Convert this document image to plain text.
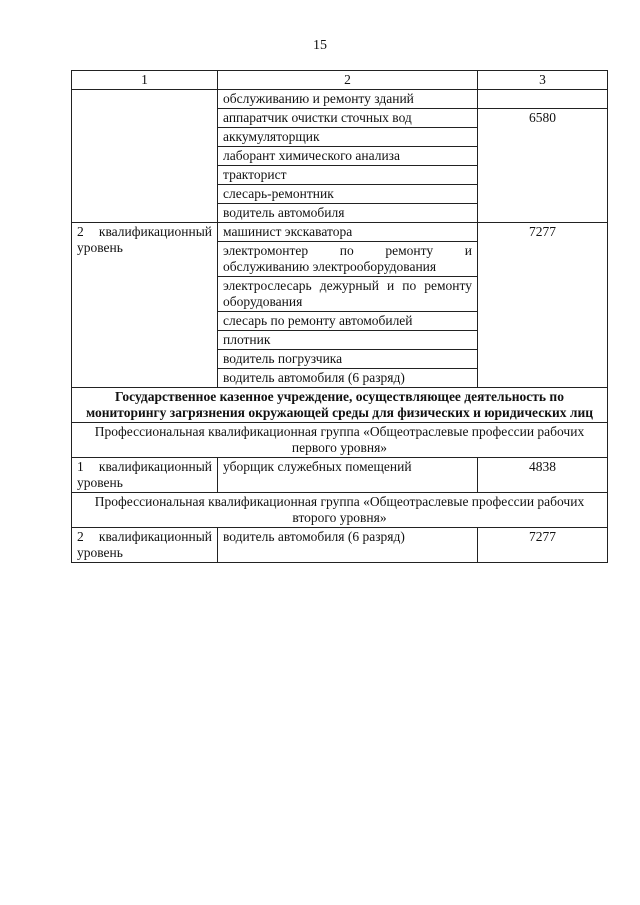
15
1	2	3
	обслуживанию и ремонту зданий	
	аппаратчик очистки сточных вод	6580
	аккумуляторщик	
	лаборант химического анализа	
	тракторист	
	слесарь-ремонтник	
	водитель автомобиля	
2 квалификационный уровень	машинист экскаватора	7277
	электромонтер по ремонту и обслуживанию электрооборудования	
	электрослесарь дежурный и по ремонту оборудования	
	слесарь по ремонту автомобилей	
	плотник	
	водитель погрузчика	
	водитель автомобиля (6 разряд)	
Государственное казенное учреждение, осуществляющее деятельность по мониторингу загрязнения окружающей среды для физических и юридических лиц		
Профессиональная квалификационная группа «Общеотраслевые профессии рабочих первого уровня»		
1 квалификационный уровень	уборщик служебных помещений	4838
Профессиональная квалификационная группа «Общеотраслевые профессии рабочих второго уровня»		
2 квалификационный уровень	водитель автомобиля (6 разряд)	7277
